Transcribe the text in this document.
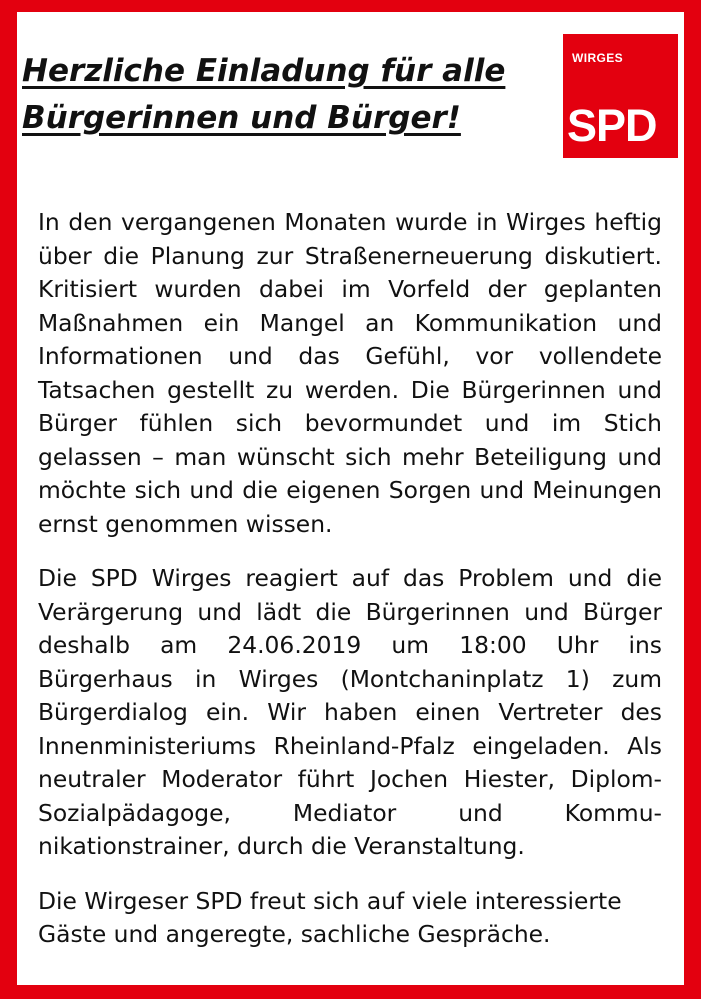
Herzliche Einladung für alle
Bürgerinnen und Bürger!
WIRGES
SPD

In den vergangenen Monaten wurde in Wirges heftig über die Planung zur Straßenerneuerung diskutiert. Kritisiert wurden dabei im Vorfeld der geplanten Maßnahmen ein Mangel an Kommunikation und Informationen und das Gefühl, vor vollendete Tatsachen gestellt zu werden. Die Bürgerinnen und Bürger fühlen sich bevormundet und im Stich gelassen – man wünscht sich mehr Beteiligung und möchte sich und die eigenen Sorgen und Meinungen ernst genommen wissen.

Die SPD Wirges reagiert auf das Problem und die Verärgerung und lädt die Bürgerinnen und Bürger deshalb am 24.06.2019 um 18:00 Uhr ins Bürgerhaus in Wirges (Montchaninplatz 1) zum Bürgerdialog ein. Wir haben einen Vertreter des Innenministeriums Rheinland-Pfalz eingeladen. Als neutraler Moderator führt Jochen Hiester, Diplom-Sozialpädagoge, Mediator und Kommunikationstrainer, durch die Veranstaltung.

Die Wirgeser SPD freut sich auf viele interessierte Gäste und angeregte, sachliche Gespräche.
